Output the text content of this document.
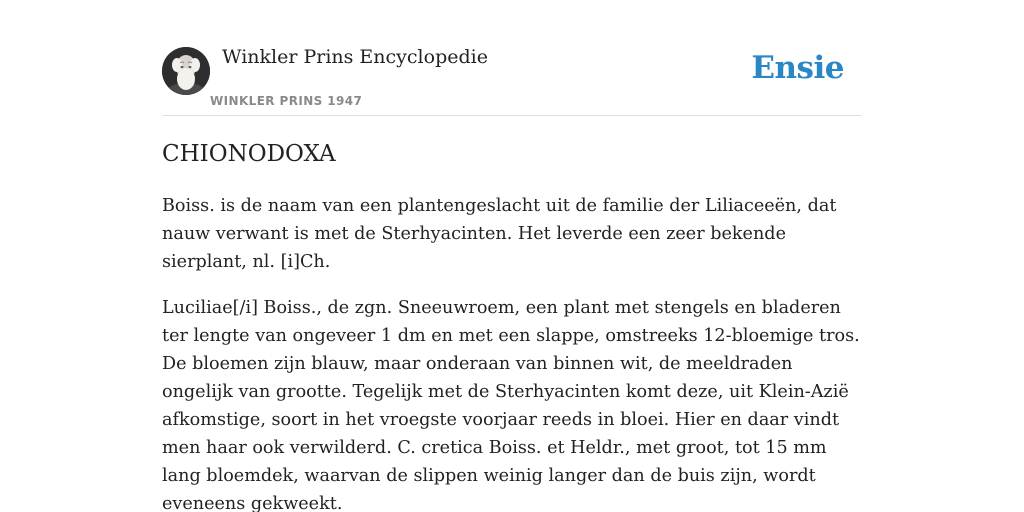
Winkler Prins Encyclopedie
WINKLER PRINS 1947
Ensie
CHIONODOXA

Boiss. is de naam van een plantengeslacht uit de familie der Liliaceeën, dat nauw verwant is met de Sterhyacinten. Het leverde een zeer bekende sierplant, nl. [i]Ch.

Luciliae[/i] Boiss., de zgn. Sneeuwroem, een plant met stengels en bladeren ter lengte van ongeveer 1 dm en met een slappe, omstreeks 12-bloemige tros. De bloemen zijn blauw, maar onderaan van binnen wit, de meeldraden ongelijk van grootte. Tegelijk met de Sterhyacinten komt deze, uit Klein-Azië afkomstige, soort in het vroegste voorjaar reeds in bloei. Hier en daar vindt men haar ook verwilderd. C. cretica Boiss. et Heldr., met groot, tot 15 mm lang bloemdek, waarvan de slippen weinig langer dan de buis zijn, wordt eveneens gekweekt.
